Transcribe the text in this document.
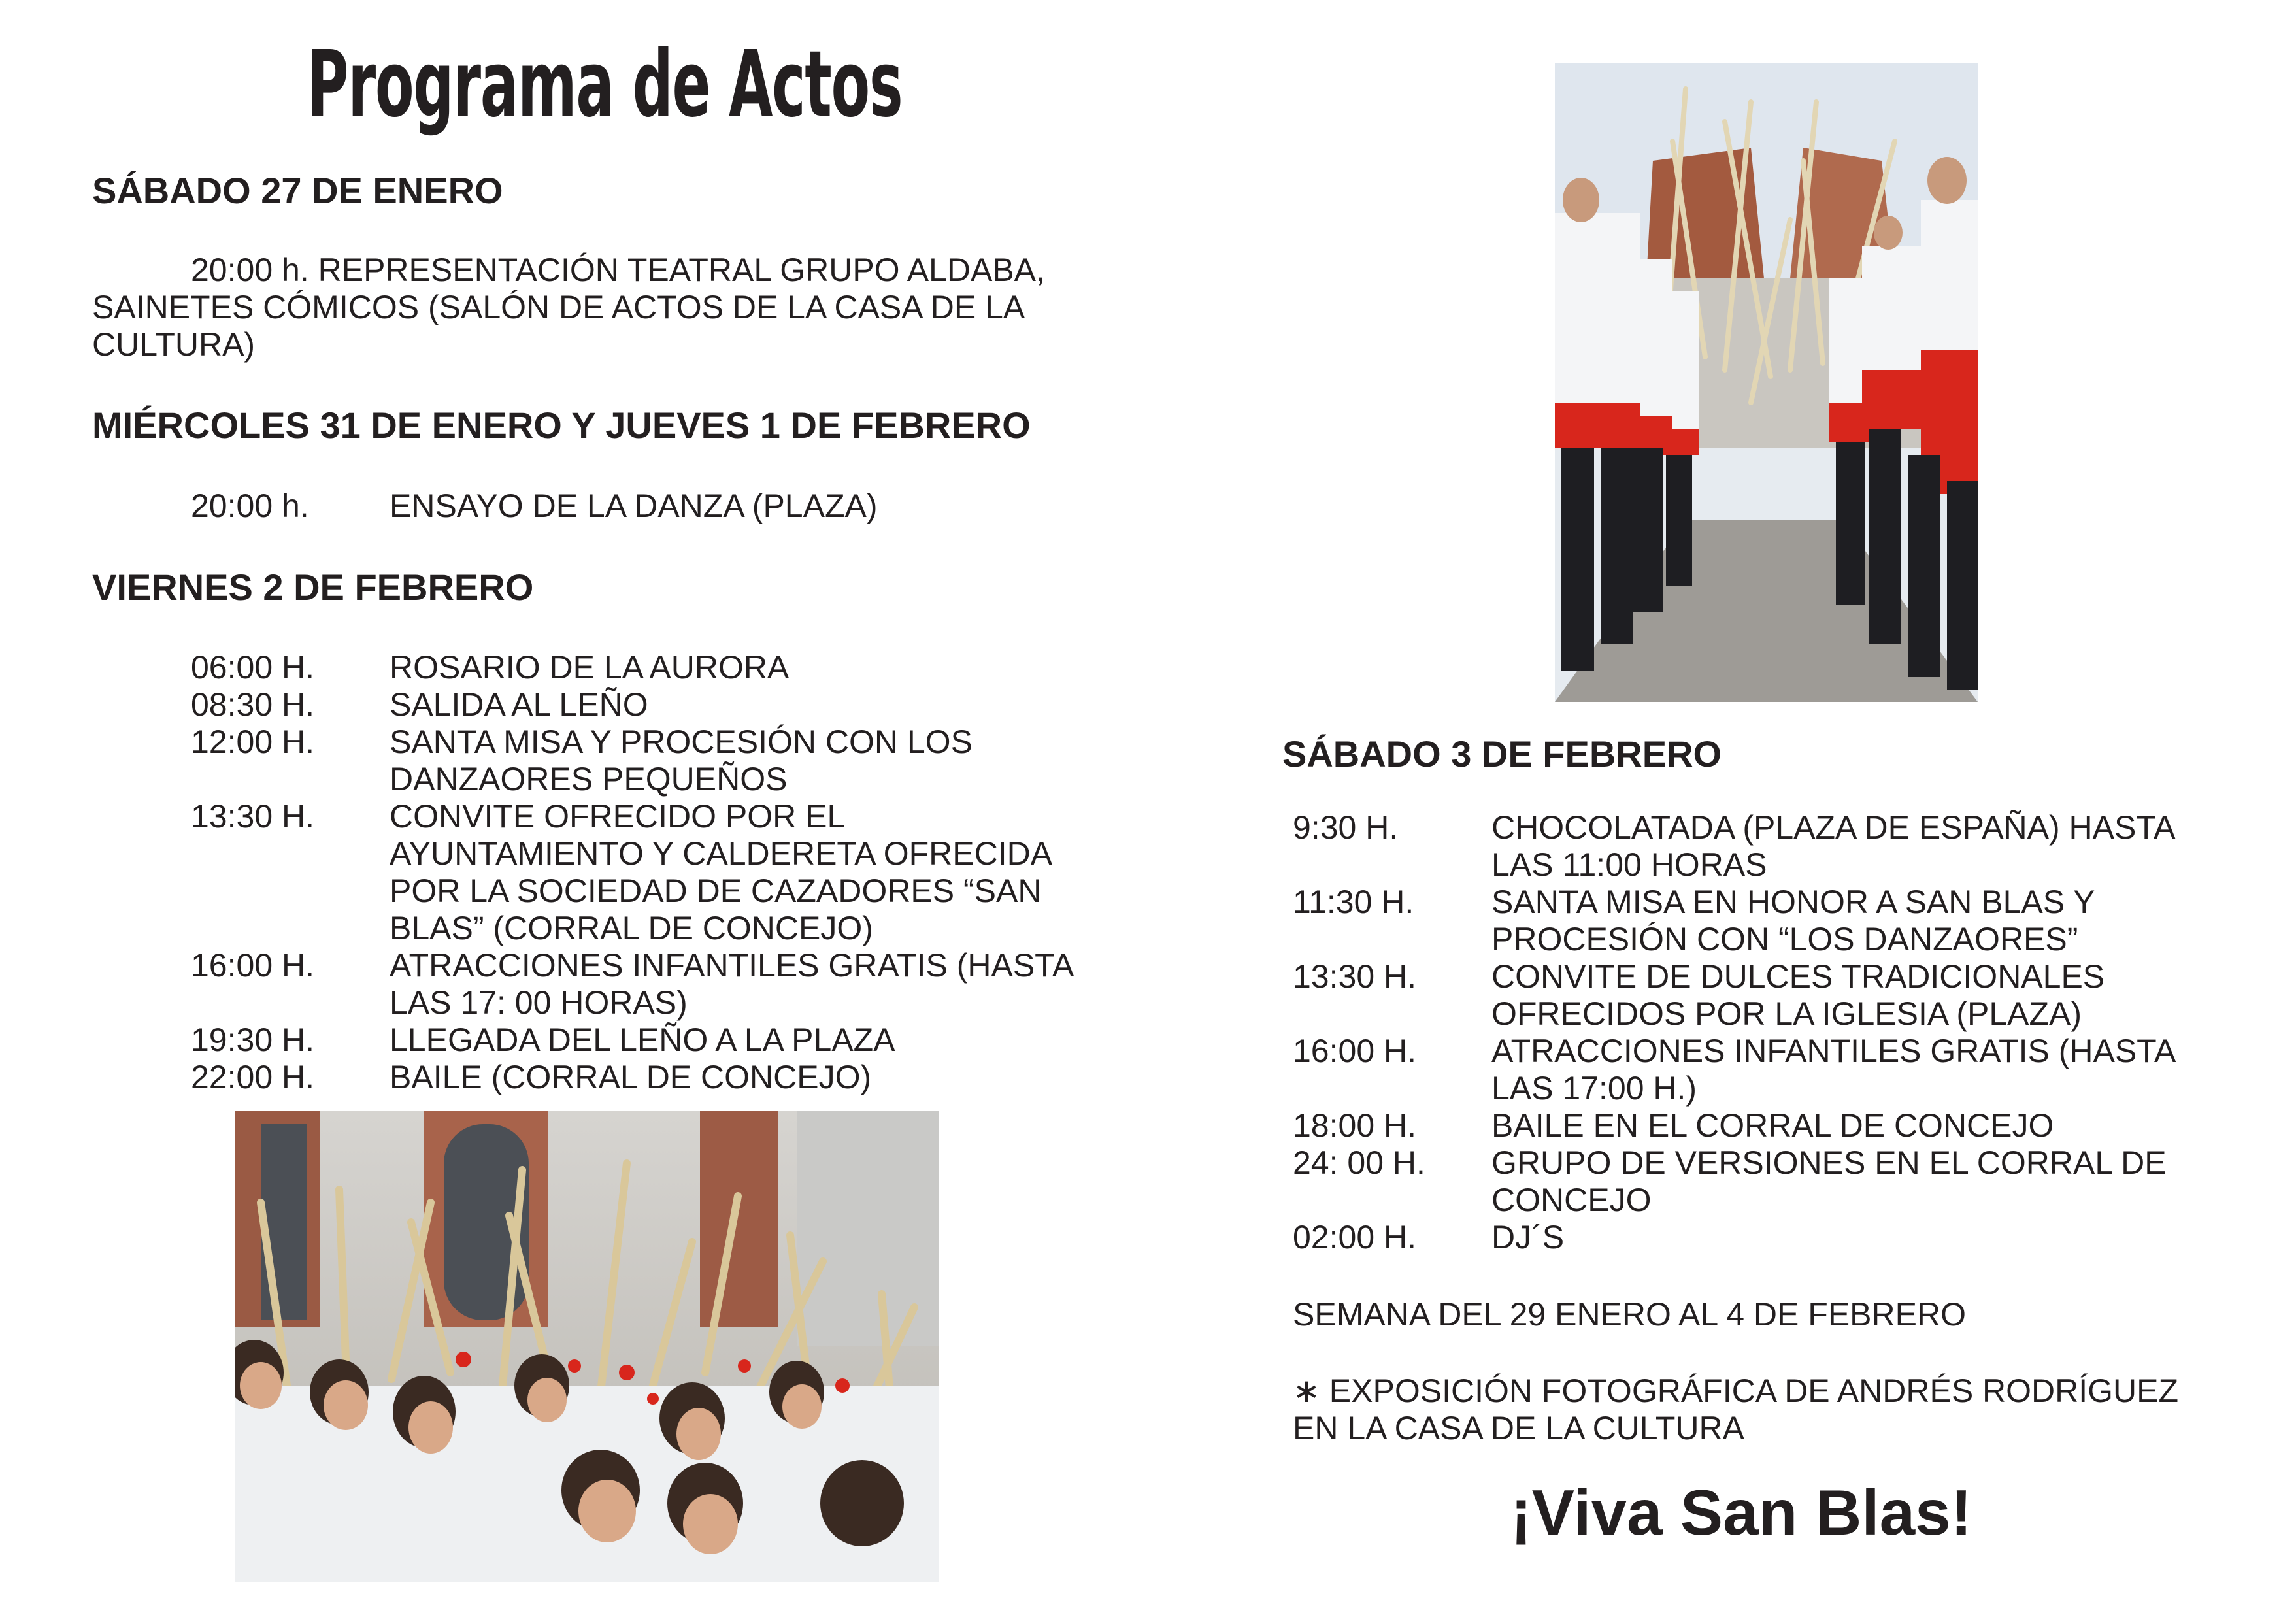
Programa de Actos
SÁBADO 27 DE ENERO
20:00 h. REPRESENTACIÓN TEATRAL GRUPO ALDABA,
SAINETES CÓMICOS (SALÓN DE ACTOS DE LA CASA DE LA
CULTURA)
MIÉRCOLES 31 DE ENERO Y JUEVES 1 DE FEBRERO
20:00 h.	ENSAYO DE LA DANZA (PLAZA)
VIERNES 2 DE FEBRERO
06:00 H.	ROSARIO DE LA AURORA
08:30 H.	SALIDA AL LEÑO
12:00 H.	SANTA MISA Y PROCESIÓN CON LOS DANZAORES PEQUEÑOS
13:30 H.	CONVITE OFRECIDO POR EL AYUNTAMIENTO Y CALDERETA OFRECIDA POR LA SOCIEDAD DE CAZADORES “SAN BLAS” (CORRAL DE CONCEJO)
16:00 H.	ATRACCIONES INFANTILES GRATIS (HASTA LAS 17: 00 HORAS)
19:30 H.	LLEGADA DEL LEÑO A LA PLAZA
22:00 H.	BAILE (CORRAL DE CONCEJO)
SÁBADO 3 DE FEBRERO
9:30 H.	CHOCOLATADA (PLAZA DE ESPAÑA) HASTA LAS 11:00 HORAS
11:30 H.	SANTA MISA EN HONOR A SAN BLAS Y PROCESIÓN CON “LOS DANZAORES”
13:30 H.	CONVITE DE DULCES TRADICIONALES OFRECIDOS POR LA IGLESIA (PLAZA)
16:00 H.	ATRACCIONES INFANTILES GRATIS (HASTA LAS 17:00 H.)
18:00 H.	BAILE EN EL CORRAL DE CONCEJO
24: 00 H.	GRUPO DE VERSIONES EN EL CORRAL DE CONCEJO
02:00 H.	DJ´S
SEMANA DEL 29 ENERO AL 4 DE FEBRERO
∗ EXPOSICIÓN FOTOGRÁFICA DE ANDRÉS RODRÍGUEZ
EN LA CASA DE LA CULTURA
¡Viva San Blas!
